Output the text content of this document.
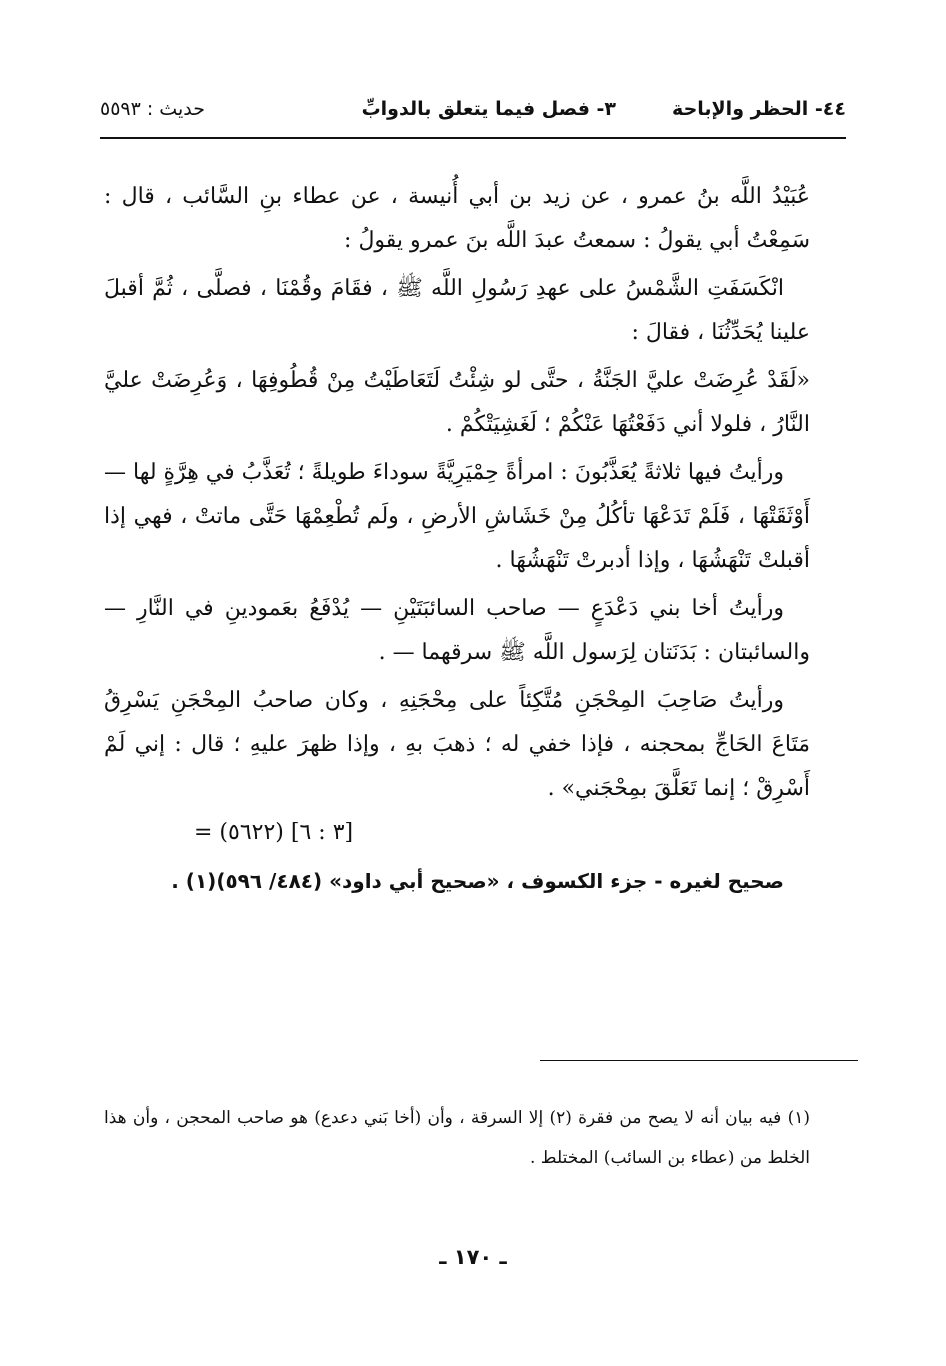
٤٤- الحظر والإباحة
٣- فصل فيما يتعلق بالدوابِّ
حديث : ٥٥٩٣

عُبَيْدُ اللَّه بنُ عمرو ، عن زيد بن أبي أُنيسة ، عن عطاء بنِ السَّائب ، قال : سَمِعْتُ أبي يقولُ : سمعتُ عبدَ اللَّه بنَ عمرو يقولُ :

انْكَسَفَتِ الشَّمْسُ على عهدِ رَسُولِ اللَّه ﷺ ، فقَامَ وقُمْنَا ، فصلَّى ، ثُمَّ أقبلَ علينا يُحَدِّثُنَا ، فقالَ :

«لَقَدْ عُرِضَتْ عليَّ الجَنَّةُ ، حتَّى لو شِئْتُ لَتَعَاطَيْتُ مِنْ قُطُوفِهَا ، وَعُرِضَتْ عليَّ النَّارُ ، فلولا أني دَفَعْتُهَا عَنْكُمْ ؛ لَغَشِيَتْكُمْ .

ورأيتُ فيها ثلاثةً يُعَذَّبُونَ : امرأةً حِمْيَرِيَّةً سوداءَ طويلةً ؛ تُعَذَّبُ في هِرَّةٍ لها — أَوْثَقَتْهَا ، فَلَمْ تَدَعْهَا تأكُلُ مِنْ خَشَاشِ الأرضِ ، ولَم تُطْعِمْهَا حَتَّى ماتتْ ، فهي إذا أقبلتْ تَنْهَشُهَا ، وإذا أدبرتْ تَنْهَشُهَا .

ورأيتُ أخا بني دَعْدَعٍ — صاحب السائبَتَيْنِ — يُدْفَعُ بعَمودينِ في النَّارِ — والسائبتان : بَدَنَتان لِرَسول اللَّه ﷺ سرقهما — .

ورأيتُ صَاحِبَ المِحْجَنِ مُتَّكِئاً على مِحْجَنِهِ ، وكان صاحبُ المِحْجَنِ يَسْرِقُ مَتَاعَ الحَاجِّ بمحجنه ، فإذا خفي له ؛ ذهبَ بهِ ، وإذا ظهرَ عليهِ ؛ قال : إني لَمْ أَسْرِقْ ؛ إنما تَعَلَّقَ بمِحْجَني» .

= (٥٦٢٢) [٣ : ٦]

صحيح لغيره - جزء الكسوف ، «صحيح أبي داود» (٤٨٤/ ٥٩٦)(١) .

(١) فيه بيان أنه لا يصح من فقرة (٢) إلا السرقة ، وأن (أخا بَني دعدع) هو صاحب المحجن ، وأن هذا الخلط من (عطاء بن السائب) المختلط .

ـ ١٧٠ ـ
